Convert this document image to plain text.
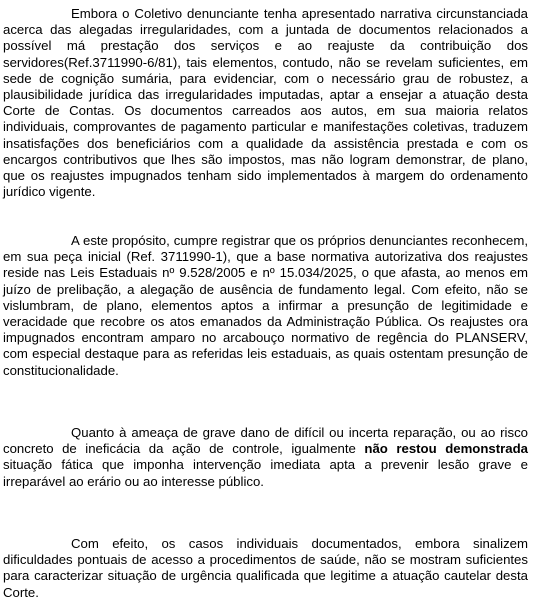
Embora o Coletivo denunciante tenha apresentado narrativa circunstanciada acerca das alegadas irregularidades, com a juntada de documentos relacionados a possível má prestação dos serviços e ao reajuste da contribuição dos servidores(Ref.3711990-6/81), tais elementos, contudo, não se revelam suficientes, em sede de cognição sumária, para evidenciar, com o necessário grau de robustez, a plausibilidade jurídica das irregularidades imputadas, aptar a ensejar a atuação desta Corte de Contas. Os documentos carreados aos autos, em sua maioria relatos individuais, comprovantes de pagamento particular e manifestações coletivas, traduzem insatisfações dos beneficiários com a qualidade da assistência prestada e com os encargos contributivos que lhes são impostos, mas não logram demonstrar, de plano, que os reajustes impugnados tenham sido implementados à margem do ordenamento jurídico vigente.

A este propósito, cumpre registrar que os próprios denunciantes reconhecem, em sua peça inicial (Ref. 3711990-1), que a base normativa autorizativa dos reajustes reside nas Leis Estaduais nº 9.528/2005 e nº 15.034/2025, o que afasta, ao menos em juízo de prelibação, a alegação de ausência de fundamento legal. Com efeito, não se vislumbram, de plano, elementos aptos a infirmar a presunção de legitimidade e veracidade que recobre os atos emanados da Administração Pública. Os reajustes ora impugnados encontram amparo no arcabouço normativo de regência do PLANSERV, com especial destaque para as referidas leis estaduais, as quais ostentam presunção de constitucionalidade.

Quanto à ameaça de grave dano de difícil ou incerta reparação, ou ao risco concreto de ineficácia da ação de controle, igualmente não restou demonstrada situação fática que imponha intervenção imediata apta a prevenir lesão grave e irreparável ao erário ou ao interesse público.

Com efeito, os casos individuais documentados, embora sinalizem dificuldades pontuais de acesso a procedimentos de saúde, não se mostram suficientes para caracterizar situação de urgência qualificada que legitime a atuação cautelar desta Corte.
